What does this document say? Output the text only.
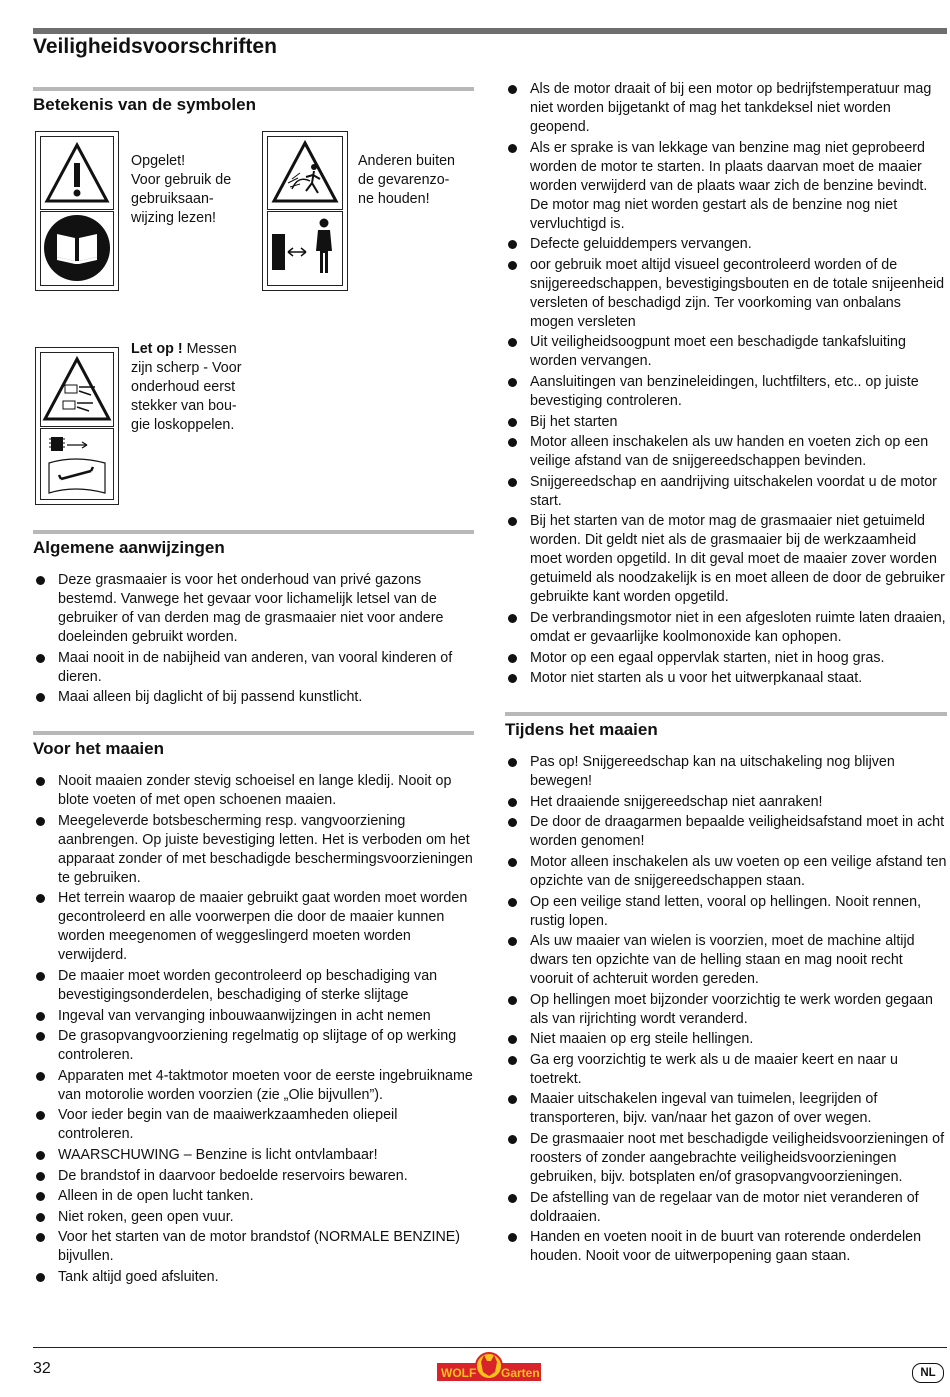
Veiligheidsvoorschriften
Betekenis van de symbolen
Opgelet!
Voor gebruik de
gebruiksaan-
wijzing lezen!
Anderen buiten
de gevarenzo-
ne houden!
Let op ! Messen
zijn scherp - Voor
onderhoud eerst
stekker van bou-
gie loskoppelen.
Algemene aanwijzingen
Deze grasmaaier is voor het onderhoud van privé gazons bestemd. Vanwege het gevaar voor lichamelijk letsel van de gebruiker of van derden mag de grasmaaier niet voor andere doeleinden gebruikt worden.
Maai nooit in de nabijheid van anderen, van vooral kinderen of dieren.
Maai alleen bij daglicht of bij passend kunstlicht.
Voor het maaien
Nooit maaien zonder stevig schoeisel en lange kledij. Nooit op blote voeten of met open schoenen maaien.
Meegeleverde botsbescherming resp. vangvoorziening aanbrengen. Op juiste bevestiging letten. Het is verboden om het apparaat zonder of met beschadigde beschermingsvoorzieningen te gebruiken.
Het terrein waarop de maaier gebruikt gaat worden moet worden gecontroleerd en alle voorwerpen die door de maaier kunnen worden meegenomen of weggeslingerd moeten worden verwijderd.
De maaier moet worden gecontroleerd op beschadiging van bevestigingsonderdelen, beschadiging of sterke slijtage
Ingeval van vervanging inbouwaanwijzingen in acht nemen
De grasopvangvoorziening regelmatig op slijtage of op werking controleren.
Apparaten met 4-taktmotor moeten voor de eerste ingebruikname van motorolie worden voorzien (zie „Olie bijvullen”).
Voor ieder begin van de maaiwerkzaamheden oliepeil controleren.
WAARSCHUWING – Benzine is licht ontvlambaar!
De brandstof in daarvoor bedoelde reservoirs bewaren.
Alleen in de open lucht tanken.
Niet roken, geen open vuur.
Voor het starten van de motor brandstof (NORMALE BENZINE) bijvullen.
Tank altijd goed afsluiten.
Als de motor draait of bij een motor op bedrijfstemperatuur mag niet worden bijgetankt of mag het tankdeksel niet worden geopend.
Als er sprake is van lekkage van benzine mag niet geprobeerd worden de motor te starten. In plaats daarvan moet de maaier worden verwijderd van de plaats waar zich de benzine bevindt. De motor mag niet worden gestart als de benzine nog niet vervluchtigd is.
Defecte geluiddempers vervangen.
oor gebruik moet altijd visueel gecontroleerd worden of de snijgereedschappen, bevestigingsbouten en de totale snijeenheid versleten of beschadigd zijn. Ter voorkoming van onbalans mogen versleten
Uit veiligheidsoogpunt moet een beschadigde tankafsluiting worden vervangen.
Aansluitingen van benzineleidingen, luchtfilters, etc.. op juiste bevestiging controleren.
Bij het starten
Motor alleen inschakelen als uw handen en voeten zich op een veilige afstand van de snijgereedschappen bevinden.
Snijgereedschap en aandrijving uitschakelen voordat u de motor start.
Bij het starten van de motor mag de grasmaaier niet getuimeld worden. Dit geldt niet als de grasmaaier bij de werkzaamheid moet worden opgetild. In dit geval moet de maaier zover worden getuimeld als noodzakelijk is en moet alleen de door de gebruiker gebruikte kant worden opgetild.
De verbrandingsmotor niet in een afgesloten ruimte laten draaien, omdat er gevaarlijke koolmonoxide kan ophopen.
Motor op een egaal oppervlak starten, niet in hoog gras.
Motor niet starten als u voor het uitwerpkanaal staat.
Tijdens het maaien
Pas op! Snijgereedschap kan na uitschakeling nog blijven bewegen!
Het draaiende snijgereedschap niet aanraken!
De door de draagarmen bepaalde veiligheidsafstand moet in acht worden genomen!
Motor alleen inschakelen als uw voeten op een veilige afstand ten opzichte van de snijgereedschappen staan.
Op een veilige stand letten, vooral op hellingen. Nooit rennen, rustig lopen.
Als uw maaier van wielen is voorzien, moet de machine altijd dwars ten opzichte van de helling staan en mag nooit recht vooruit of achteruit worden gereden.
Op hellingen moet bijzonder voorzichtig te werk worden gegaan als van rijrichting wordt veranderd.
Niet maaien op erg steile hellingen.
Ga erg voorzichtig te werk als u de maaier keert en naar u toetrekt.
Maaier uitschakelen ingeval van tuimelen, leegrijden of transporteren, bijv. van/naar het gazon of over wegen.
De grasmaaier noot met beschadigde veiligheidsvoorzieningen of roosters of zonder aangebrachte veiligheidsvoorzieningen gebruiken, bijv. botsplaten en/of grasopvangvoorzieningen.
De afstelling van de regelaar van de motor niet veranderen of doldraaien.
Handen en voeten nooit in de buurt van roterende onderdelen houden. Nooit voor de uitwerpopening gaan staan.
32	WOLF Garten	NL
